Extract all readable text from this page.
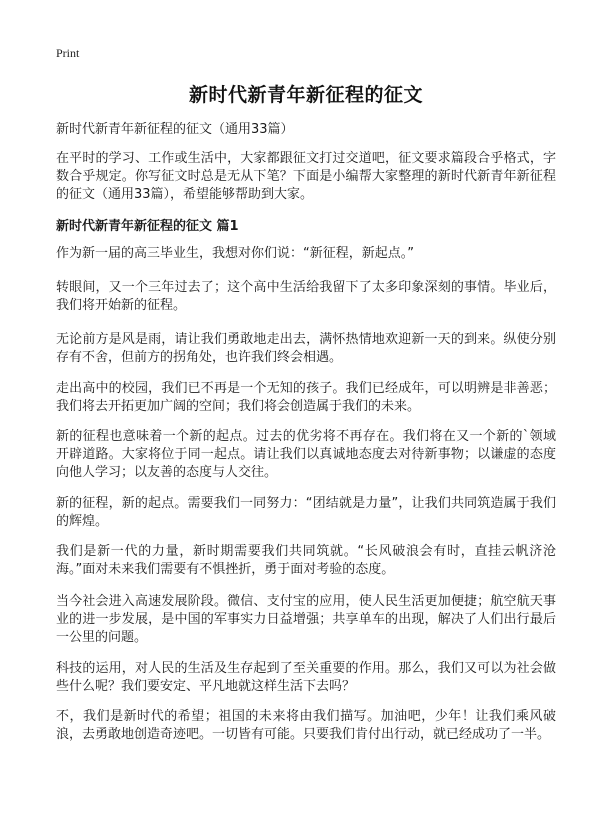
Print
新时代新青年新征程的征文

新时代新青年新征程的征文（通用33篇）

在平时的学习、工作或生活中，大家都跟征文打过交道吧，征文要求篇段合乎格式，字数合乎规定。你写征文时总是无从下笔？下面是小编帮大家整理的新时代新青年新征程的征文（通用33篇），希望能够帮助到大家。

新时代新青年新征程的征文 篇1

作为新一届的高三毕业生，我想对你们说：“新征程，新起点。”

转眼间，又一个三年过去了；这个高中生活给我留下了太多印象深刻的事情。毕业后，我们将开始新的征程。

无论前方是风是雨，请让我们勇敢地走出去，满怀热情地欢迎新一天的到来。纵使分别存有不舍，但前方的拐角处，也许我们终会相遇。

走出高中的校园，我们已不再是一个无知的孩子。我们已经成年，可以明辨是非善恶；我们将去开拓更加广阔的空间；我们将会创造属于我们的未来。

新的征程也意味着一个新的起点。过去的优劣将不再存在。我们将在又一个新的`领域开辟道路。大家将位于同一起点。请让我们以真诚地态度去对待新事物；以谦虚的态度向他人学习；以友善的态度与人交往。

新的征程，新的起点。需要我们一同努力：“团结就是力量”，让我们共同筑造属于我们的辉煌。

我们是新一代的力量，新时期需要我们共同筑就。“长风破浪会有时，直挂云帆济沧海。”面对未来我们需要有不惧挫折，勇于面对考验的态度。

当今社会进入高速发展阶段。微信、支付宝的应用，使人民生活更加便捷；航空航天事业的进一步发展，是中国的军事实力日益增强；共享单车的出现，解决了人们出行最后一公里的问题。

科技的运用，对人民的生活及生存起到了至关重要的作用。那么，我们又可以为社会做些什么呢？我们要安定、平凡地就这样生活下去吗？

不，我们是新时代的希望；祖国的未来将由我们描写。加油吧，少年！让我们乘风破浪，去勇敢地创造奇迹吧。一切皆有可能。只要我们肯付出行动，就已经成功了一半。
